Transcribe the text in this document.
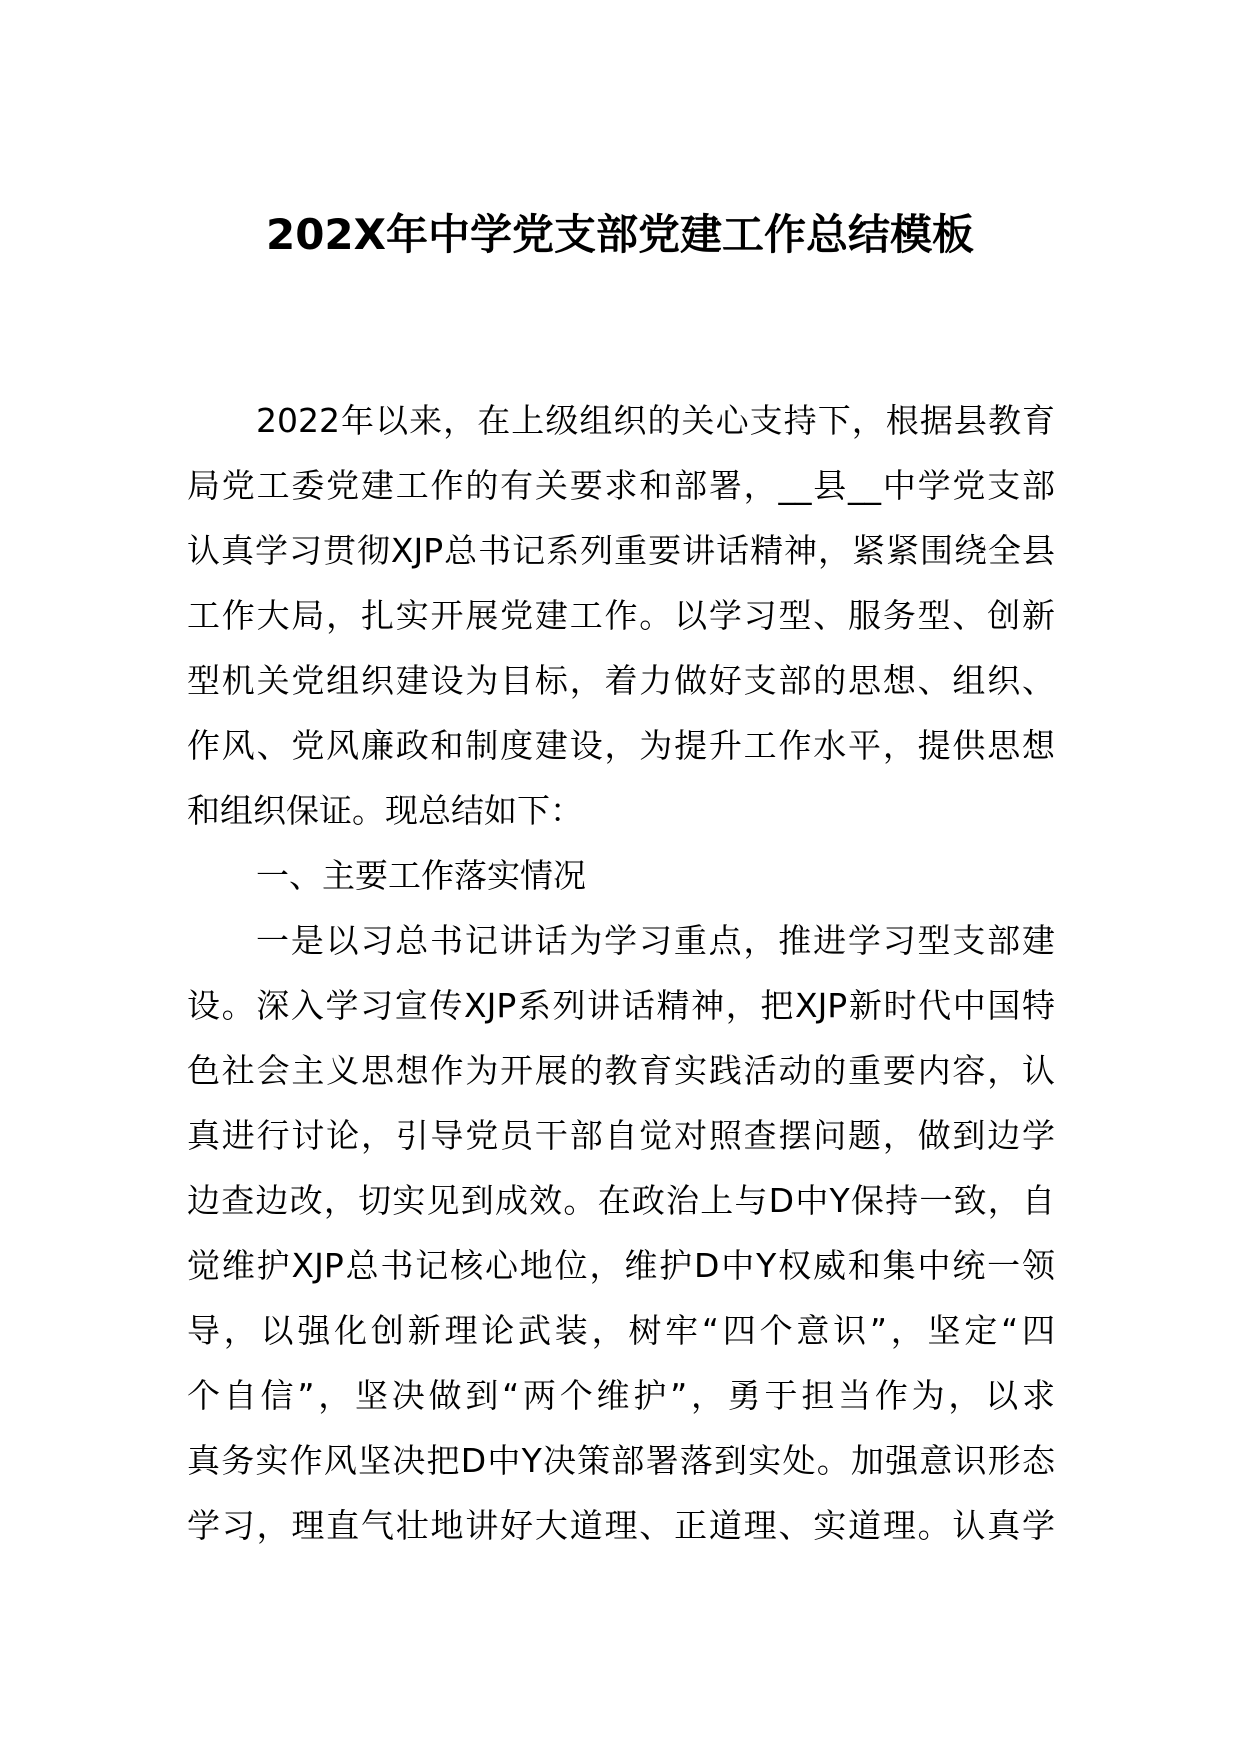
202X年中学党支部党建工作总结模板
2022年以来，在上级组织的关心支持下，根据县教育
局党工委党建工作的有关要求和部署，__县__中学党支部
认真学习贯彻XJP总书记系列重要讲话精神，紧紧围绕全县
工作大局，扎实开展党建工作。以学习型、服务型、创新
型机关党组织建设为目标，着力做好支部的思想、组织、
作风、党风廉政和制度建设，为提升工作水平，提供思想
和组织保证。现总结如下：
一、主要工作落实情况
一是以习总书记讲话为学习重点，推进学习型支部建
设。深入学习宣传XJP系列讲话精神，把XJP新时代中国特
色社会主义思想作为开展的教育实践活动的重要内容，认
真进行讨论，引导党员干部自觉对照查摆问题，做到边学
边查边改，切实见到成效。在政治上与D中Y保持一致，自
觉维护XJP总书记核心地位，维护D中Y权威和集中统一领
导，以强化创新理论武装，树牢“四个意识”，坚定“四
个自信”，坚决做到“两个维护”，勇于担当作为，以求
真务实作风坚决把D中Y决策部署落到实处。加强意识形态
学习，理直气壮地讲好大道理、正道理、实道理。认真学
